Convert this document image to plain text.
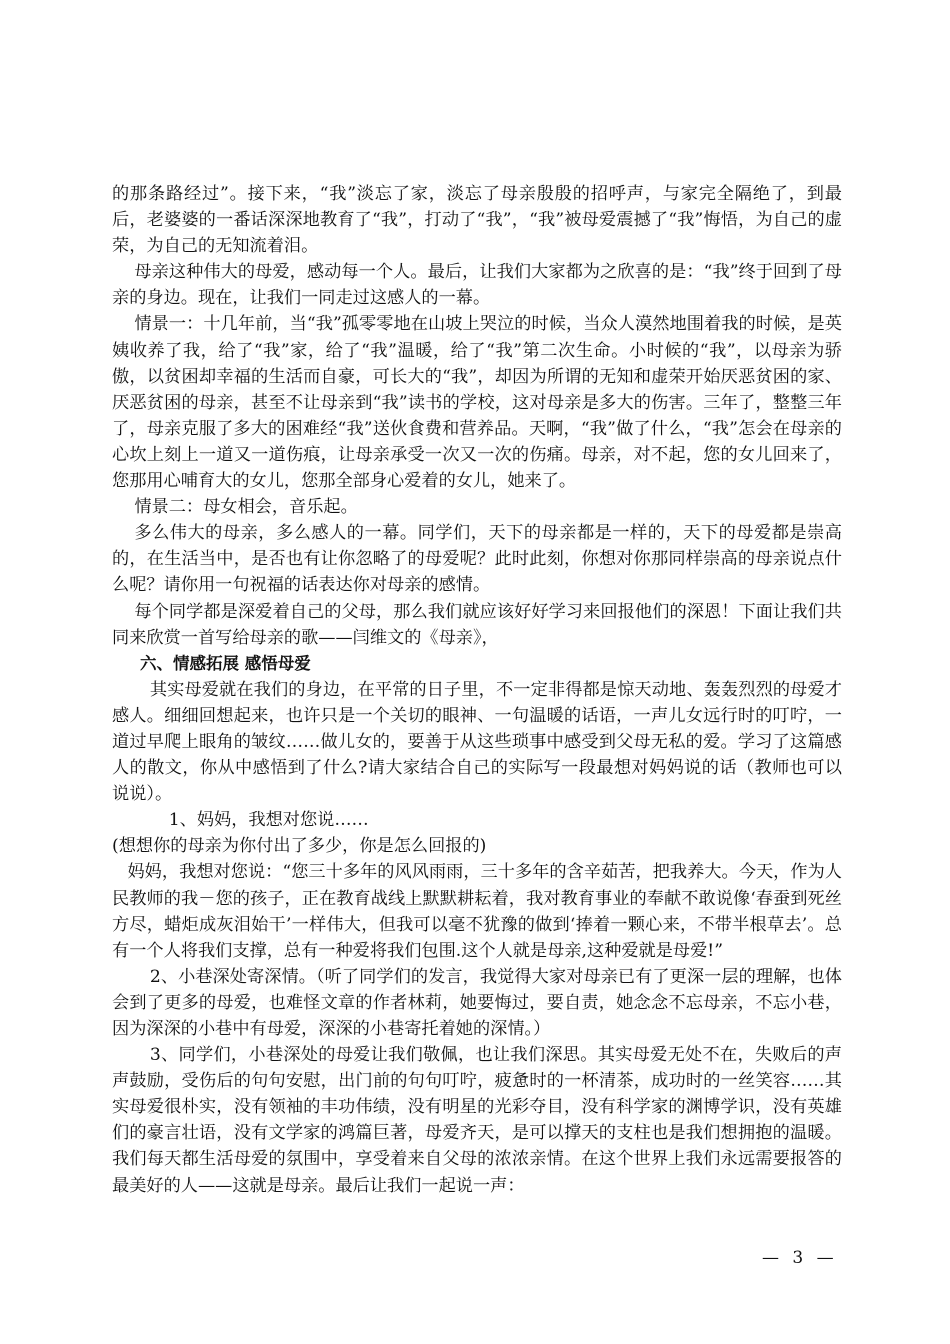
的那条路经过”。接下来，“我”淡忘了家，淡忘了母亲殷殷的招呼声，与家完全隔绝了，到最后，老婆婆的一番话深深地教育了“我”，打动了“我”，“我”被母爱震撼了“我”悔悟，为自己的虚荣，为自己的无知流着泪。

母亲这种伟大的母爱，感动每一个人。最后，让我们大家都为之欣喜的是：“我”终于回到了母亲的身边。现在，让我们一同走过这感人的一幕。

情景一：十几年前，当“我”孤零零地在山坡上哭泣的时候，当众人漠然地围着我的时候，是英姨收养了我，给了“我”家，给了“我”温暖，给了“我”第二次生命。小时候的“我”，以母亲为骄傲，以贫困却幸福的生活而自豪，可长大的“我”，却因为所谓的无知和虚荣开始厌恶贫困的家、厌恶贫困的母亲，甚至不让母亲到“我”读书的学校，这对母亲是多大的伤害。三年了，整整三年了，母亲克服了多大的困难经“我”送伙食费和营养品。天啊，“我”做了什么，“我”怎会在母亲的心坎上刻上一道又一道伤痕，让母亲承受一次又一次的伤痛。母亲，对不起，您的女儿回来了，您那用心哺育大的女儿，您那全部身心爱着的女儿，她来了。

情景二：母女相会，音乐起。

多么伟大的母亲，多么感人的一幕。同学们，天下的母亲都是一样的，天下的母爱都是崇高的，在生活当中，是否也有让你忽略了的母爱呢？此时此刻，你想对你那同样崇高的母亲说点什么呢？请你用一句祝福的话表达你对母亲的感情。

每个同学都是深爱着自己的父母，那么我们就应该好好学习来回报他们的深恩！下面让我们共同来欣赏一首写给母亲的歌——闫维文的《母亲》，

六、情感拓展 感悟母爱

其实母爱就在我们的身边，在平常的日子里，不一定非得都是惊天动地、轰轰烈烈的母爱才感人。细细回想起来，也许只是一个关切的眼神、一句温暖的话语，一声儿女远行时的叮咛，一道过早爬上眼角的皱纹……做儿女的，要善于从这些琐事中感受到父母无私的爱。学习了这篇感人的散文，你从中感悟到了什么?请大家结合自己的实际写一段最想对妈妈说的话（教师也可以说说）。

1、妈妈，我想对您说……

(想想你的母亲为你付出了多少，你是怎么回报的)

妈妈，我想对您说：“您三十多年的风风雨雨，三十多年的含辛茹苦，把我养大。今天，作为人民教师的我－您的孩子，正在教育战线上默默耕耘着，我对教育事业的奉献不敢说像‘春蚕到死丝方尽，蜡炬成灰泪始干’一样伟大，但我可以毫不犹豫的做到‘捧着一颗心来，不带半根草去’。总有一个人将我们支撑，总有一种爱将我们包围.这个人就是母亲,这种爱就是母爱!”

2、小巷深处寄深情。（听了同学们的发言，我觉得大家对母亲已有了更深一层的理解，也体会到了更多的母爱，也难怪文章的作者林莉，她要悔过，要自责，她念念不忘母亲，不忘小巷，因为深深的小巷中有母爱，深深的小巷寄托着她的深情。）

3、同学们，小巷深处的母爱让我们敬佩，也让我们深思。其实母爱无处不在，失败后的声声鼓励，受伤后的句句安慰，出门前的句句叮咛，疲惫时的一杯清茶，成功时的一丝笑容……其实母爱很朴实，没有领袖的丰功伟绩，没有明星的光彩夺目，没有科学家的渊博学识，没有英雄们的豪言壮语，没有文学家的鸿篇巨著，母爱齐天，是可以撑天的支柱也是我们想拥抱的温暖。我们每天都生活母爱的氛围中，享受着来自父母的浓浓亲情。在这个世界上我们永远需要报答的最美好的人——这就是母亲。最后让我们一起说一声：

— 3 —
